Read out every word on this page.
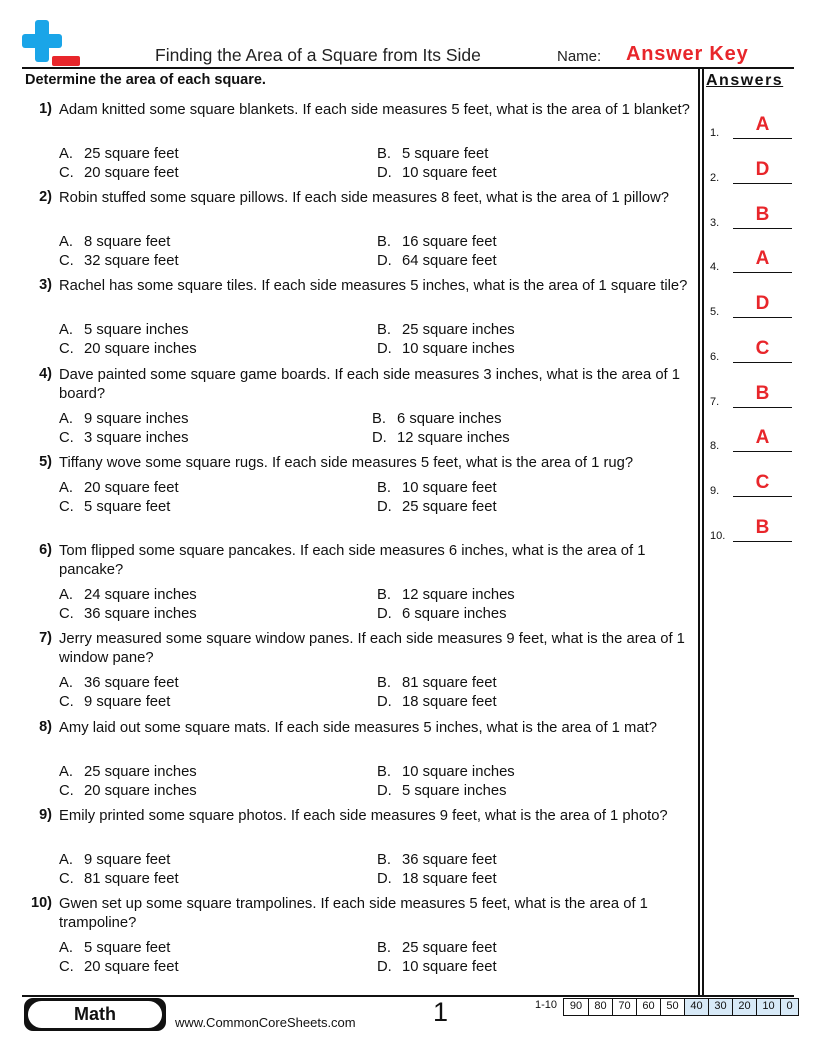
Finding the Area of a Square from Its Side	Name: Answer Key
Determine the area of each square.	Answers
1.	A
2.	D
3.	B
4.	A
5.	D
6.	C
7.	B
8.	A
9.	C
10.	B
1) Adam knitted some square blankets. If each side measures 5 feet, what is the area of 1 blanket?
A. 25 square feet	B. 5 square feet
C. 20 square feet	D. 10 square feet
2) Robin stuffed some square pillows. If each side measures 8 feet, what is the area of 1 pillow?
A. 8 square feet	B. 16 square feet
C. 32 square feet	D. 64 square feet
3) Rachel has some square tiles. If each side measures 5 inches, what is the area of 1 square tile?
A. 5 square inches	B. 25 square inches
C. 20 square inches	D. 10 square inches
4) Dave painted some square game boards. If each side measures 3 inches, what is the area of 1 board?
A. 9 square inches	B. 6 square inches
C. 3 square inches	D. 12 square inches
5) Tiffany wove some square rugs. If each side measures 5 feet, what is the area of 1 rug?
A. 20 square feet	B. 10 square feet
C. 5 square feet	D. 25 square feet
6) Tom flipped some square pancakes. If each side measures 6 inches, what is the area of 1 pancake?
A. 24 square inches	B. 12 square inches
C. 36 square inches	D. 6 square inches
7) Jerry measured some square window panes. If each side measures 9 feet, what is the area of 1 window pane?
A. 36 square feet	B. 81 square feet
C. 9 square feet	D. 18 square feet
8) Amy laid out some square mats. If each side measures 5 inches, what is the area of 1 mat?
A. 25 square inches	B. 10 square inches
C. 20 square inches	D. 5 square inches
9) Emily printed some square photos. If each side measures 9 feet, what is the area of 1 photo?
A. 9 square feet	B. 36 square feet
C. 81 square feet	D. 18 square feet
10) Gwen set up some square trampolines. If each side measures 5 feet, what is the area of 1 trampoline?
A. 5 square feet	B. 25 square feet
C. 20 square feet	D. 10 square feet
Math	www.CommonCoreSheets.com	1	1-10	90	80	70	60	50	40	30	20	10	0
